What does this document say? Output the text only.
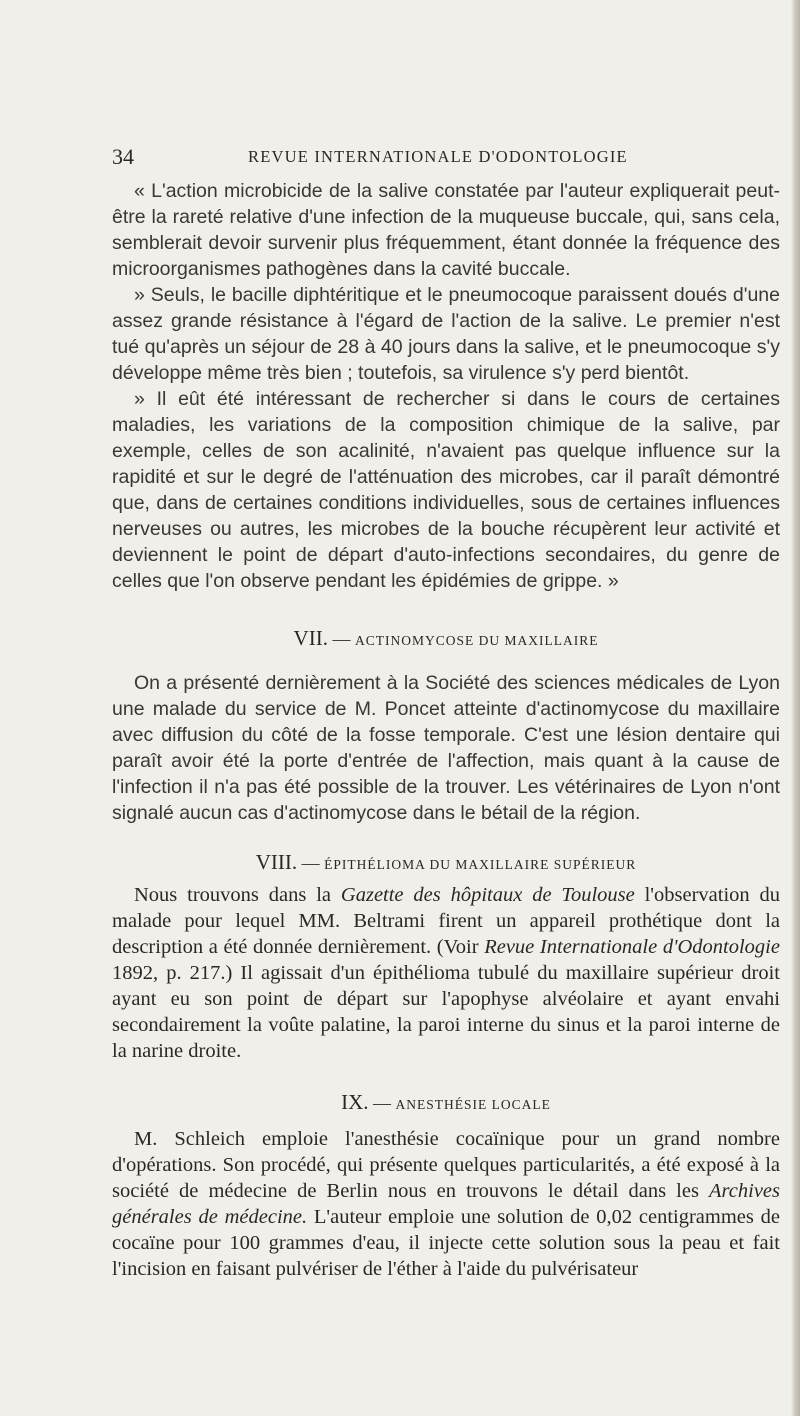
34	REVUE INTERNATIONALE D'ODONTOLOGIE

« L'action microbicide de la salive constatée par l'auteur expliquerait peut-être la rareté relative d'une infection de la muqueuse buccale, qui, sans cela, semblerait devoir survenir plus fréquemment, étant donnée la fréquence des microorganismes pathogènes dans la cavité buccale.

» Seuls, le bacille diphtéritique et le pneumocoque paraissent doués d'une assez grande résistance à l'égard de l'action de la salive. Le premier n'est tué qu'après un séjour de 28 à 40 jours dans la salive, et le pneumocoque s'y développe même très bien ; toutefois, sa virulence s'y perd bientôt.

» Il eût été intéressant de rechercher si dans le cours de certaines maladies, les variations de la composition chimique de la salive, par exemple, celles de son acalinité, n'avaient pas quelque influence sur la rapidité et sur le degré de l'atténuation des microbes, car il paraît démontré que, dans de certaines conditions individuelles, sous de certaines influences nerveuses ou autres, les microbes de la bouche récupèrent leur activité et deviennent le point de départ d'auto-infections secondaires, du genre de celles que l'on observe pendant les épidémies de grippe. »

VII. — ACTINOMYCOSE DU MAXILLAIRE

On a présenté dernièrement à la Société des sciences médicales de Lyon une malade du service de M. Poncet atteinte d'actinomycose du maxillaire avec diffusion du côté de la fosse temporale. C'est une lésion dentaire qui paraît avoir été la porte d'entrée de l'affection, mais quant à la cause de l'infection il n'a pas été possible de la trouver. Les vétérinaires de Lyon n'ont signalé aucun cas d'actinomycose dans le bétail de la région.

VIII. — ÉPITHÉLIOMA DU MAXILLAIRE SUPÉRIEUR

Nous trouvons dans la Gazette des hôpitaux de Toulouse l'observation du malade pour lequel MM. Beltrami firent un appareil prothétique dont la description a été donnée dernièrement. (Voir Revue Internationale d'Odontologie 1892, p. 217.) Il agissait d'un épithélioma tubulé du maxillaire supérieur droit ayant eu son point de départ sur l'apophyse alvéolaire et ayant envahi secondairement la voûte palatine, la paroi interne du sinus et la paroi interne de la narine droite.

IX. — ANESTHÉSIE LOCALE

M. Schleich emploie l'anesthésie cocaïnique pour un grand nombre d'opérations. Son procédé, qui présente quelques particularités, a été exposé à la société de médecine de Berlin nous en trouvons le détail dans les Archives générales de médecine. L'auteur emploie une solution de 0,02 centigrammes de cocaïne pour 100 grammes d'eau, il injecte cette solution sous la peau et fait l'incision en faisant pulvériser de l'éther à l'aide du pulvérisateur
